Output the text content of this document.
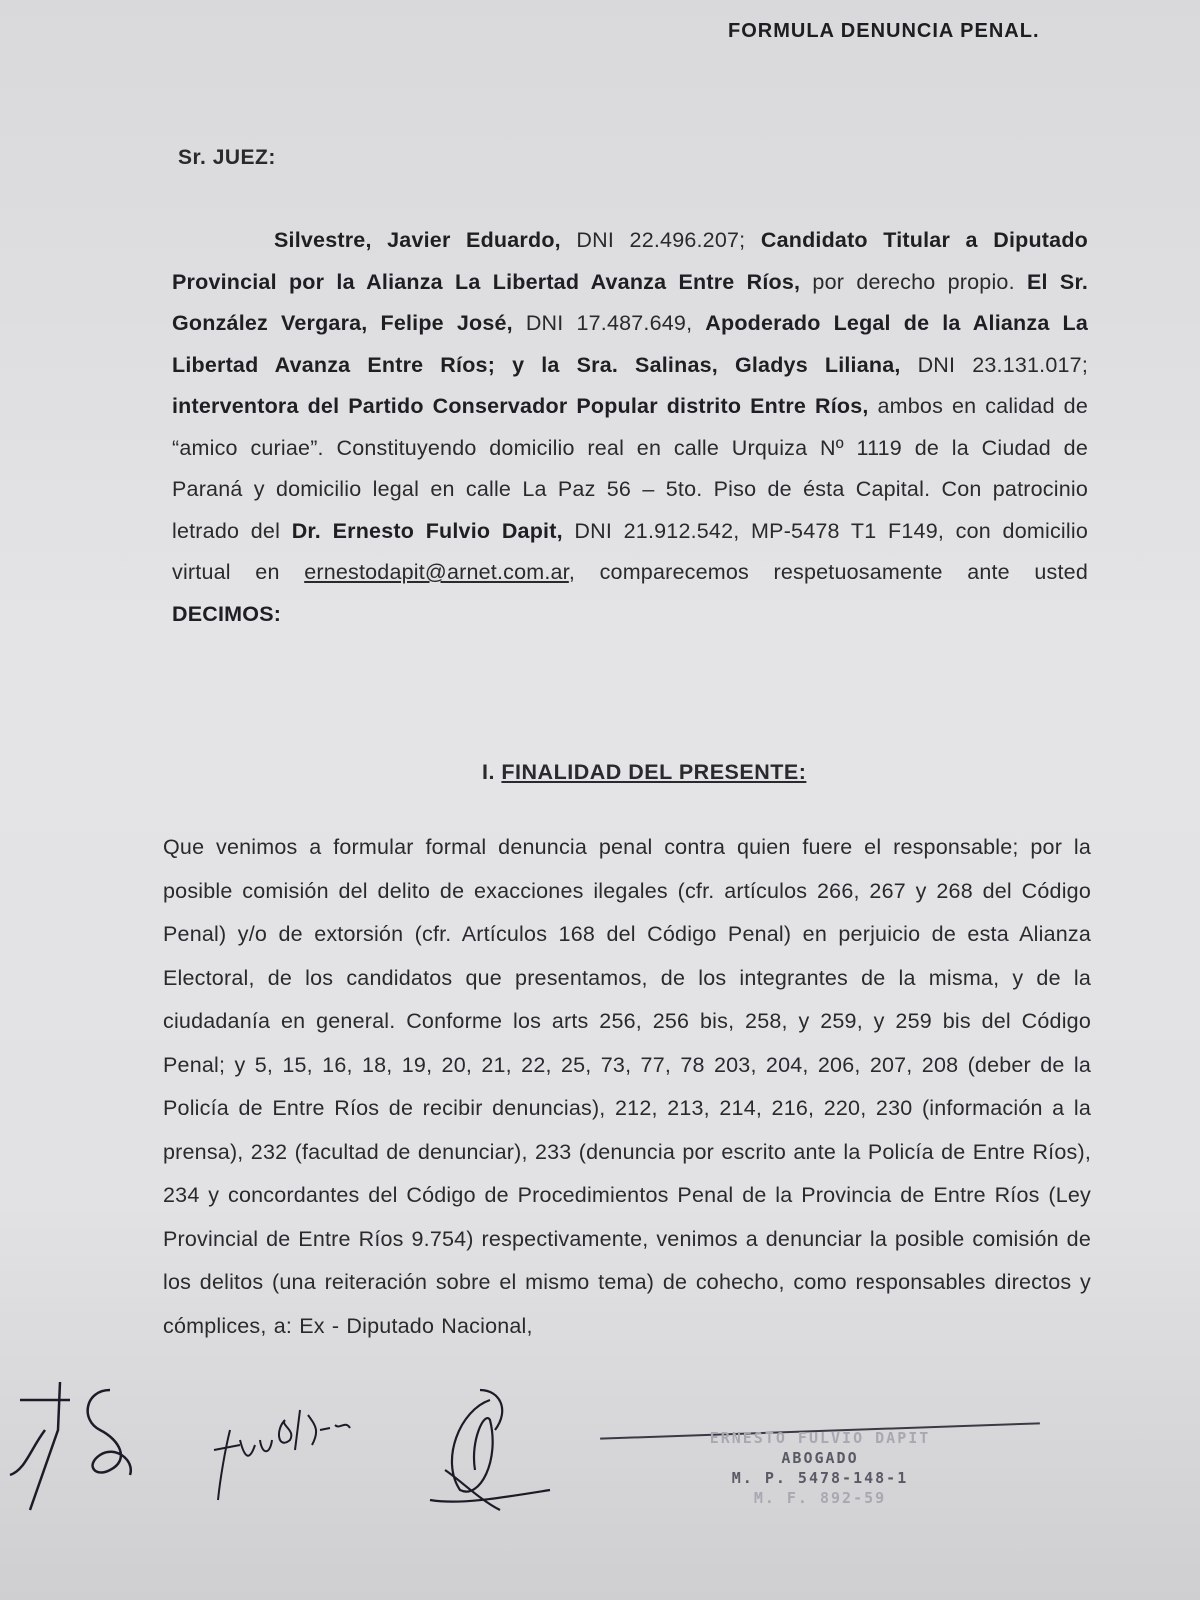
FORMULA DENUNCIA PENAL.
Sr. JUEZ:
Silvestre, Javier Eduardo, DNI 22.496.207; Candidato Titular a Diputado Provincial por la Alianza La Libertad Avanza Entre Ríos, por derecho propio. El Sr. González Vergara, Felipe José, DNI 17.487.649, Apoderado Legal de la Alianza La Libertad Avanza Entre Ríos; y la Sra. Salinas, Gladys Liliana, DNI 23.131.017; interventora del Partido Conservador Popular distrito Entre Ríos, ambos en calidad de “amico curiae”. Constituyendo domicilio real en calle Urquiza Nº 1119 de la Ciudad de Paraná y domicilio legal en calle La Paz 56 – 5to. Piso de ésta Capital. Con patrocinio letrado del Dr. Ernesto Fulvio Dapit, DNI 21.912.542, MP-5478 T1 F149, con domicilio virtual en ernestodapit@arnet.com.ar, comparecemos respetuosamente ante usted DECIMOS:
I. FINALIDAD DEL PRESENTE:
Que venimos a formular formal denuncia penal contra quien fuere el responsable; por la posible comisión del delito de exacciones ilegales (cfr. artículos 266, 267 y 268 del Código Penal) y/o de extorsión (cfr. Artículos 168 del Código Penal) en perjuicio de esta Alianza Electoral, de los candidatos que presentamos, de los integrantes de la misma, y de la ciudadanía en general. Conforme los arts 256, 256 bis, 258, y 259, y 259 bis del Código Penal; y 5, 15, 16, 18, 19, 20, 21, 22, 25, 73, 77, 78 203, 204, 206, 207, 208 (deber de la Policía de Entre Ríos de recibir denuncias), 212, 213, 214, 216, 220, 230 (información a la prensa), 232 (facultad de denunciar), 233 (denuncia por escrito ante la Policía de Entre Ríos), 234 y concordantes del Código de Procedimientos Penal de la Provincia de Entre Ríos (Ley Provincial de Entre Ríos 9.754) respectivamente, venimos a denunciar la posible comisión de los delitos (una reiteración sobre el mismo tema) de cohecho, como responsables directos y cómplices, a: Ex - Diputado Nacional,
ERNESTO FULVIO DAPIT
ABOGADO
M. P. 5478-148-1
M. F. 892-59
